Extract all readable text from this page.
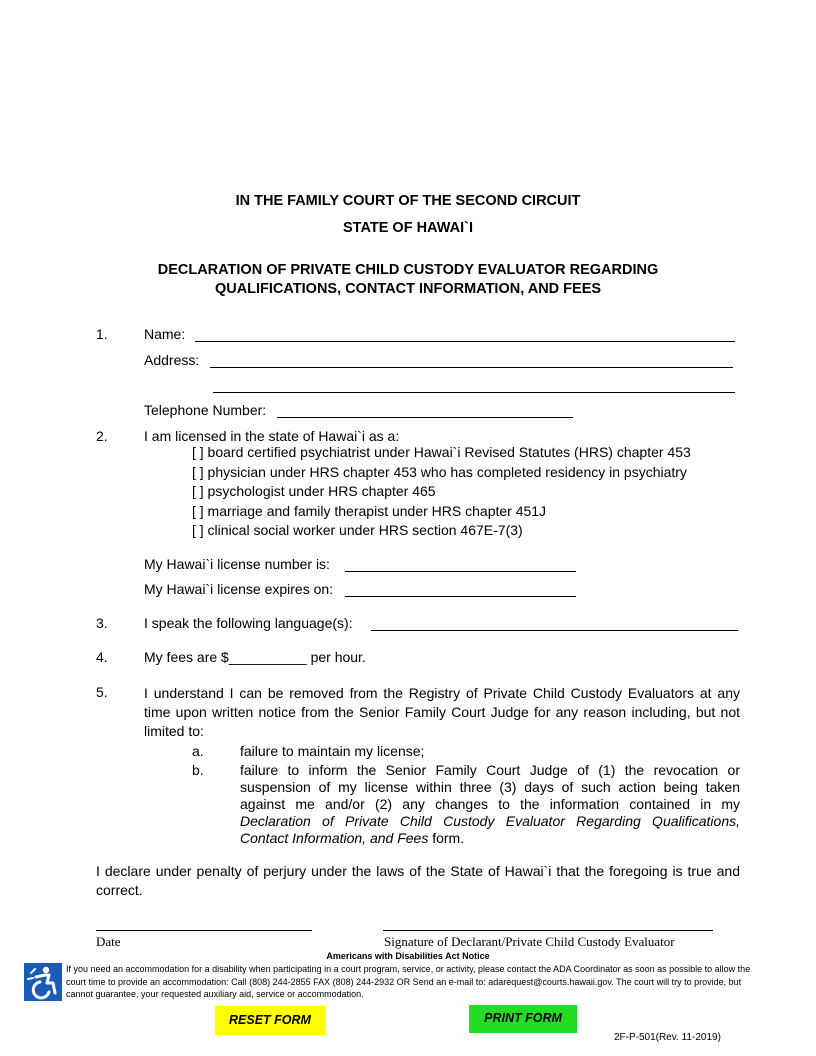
IN THE FAMILY COURT OF THE SECOND CIRCUIT
STATE OF HAWAI`I
DECLARATION OF PRIVATE CHILD CUSTODY EVALUATOR REGARDING
QUALIFICATIONS, CONTACT INFORMATION, AND FEES
1.	Name:
Address:
Telephone Number:
2.	I am licensed in the state of Hawai`i as a:
[ ] board certified psychiatrist under Hawai`i Revised Statutes (HRS) chapter 453
[ ] physician under HRS chapter 453 who has completed residency in psychiatry
[ ] psychologist under HRS chapter 465
[ ] marriage and family therapist under HRS chapter 451J
[ ] clinical social worker under HRS section 467E-7(3)
My Hawai`i license number is:
My Hawai`i license expires on:
3.	I speak the following language(s):
4.	My fees are $__________ per hour.
5.	I understand I can be removed from the Registry of Private Child Custody Evaluators at any time upon written notice from the Senior Family Court Judge for any reason including, but not limited to:
a.	failure to maintain my license;
b.	failure to inform the Senior Family Court Judge of (1) the revocation or suspension of my license within three (3) days of such action being taken against me and/or (2) any changes to the information contained in my Declaration of Private Child Custody Evaluator Regarding Qualifications, Contact Information, and Fees form.
I declare under penalty of perjury under the laws of the State of Hawai`i that the foregoing is true and correct.
Date	Signature of Declarant/Private Child Custody Evaluator
Americans with Disabilities Act Notice
If you need an accommodation for a disability when participating in a court program, service, or activity, please contact the ADA Coordinator as soon as possible to allow the court time to provide an accommodation: Call (808) 244-2855 FAX (808) 244-2932 OR Send an e-mail to: adarequest@courts.hawaii.gov. The court will try to provide, but cannot guarantee, your requested auxiliary aid, service or accommodation.
RESET FORM	PRINT FORM
2F-P-501(Rev. 11-2019)
